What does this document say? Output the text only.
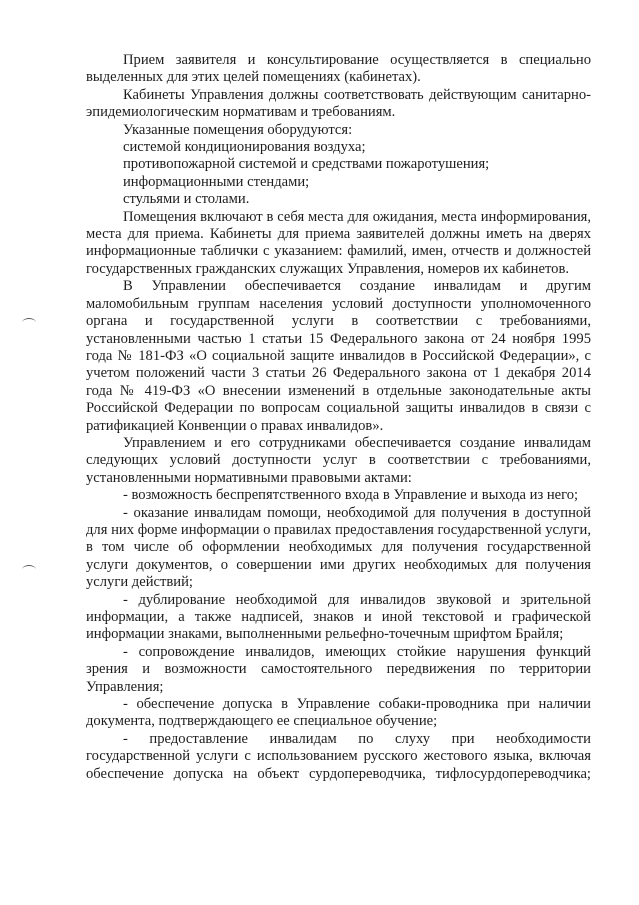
Прием заявителя и консультирование осуществляется в специально выделенных для этих целей помещениях (кабинетах).

Кабинеты Управления должны соответствовать действующим санитарно-эпидемиологическим нормативам и требованиям.

Указанные помещения оборудуются:

системой кондиционирования воздуха;

противопожарной системой и средствами пожаротушения;

информационными стендами;

стульями и столами.

Помещения включают в себя места для ожидания, места информирования, места для приема. Кабинеты для приема заявителей должны иметь на дверях информационные таблички с указанием: фамилий, имен, отчеств и должностей государственных гражданских служащих Управления, номеров их кабинетов.

В Управлении обеспечивается создание инвалидам и другим маломобильным группам населения условий доступности уполномоченного органа и государственной услуги в соответствии с требованиями, установленными частью 1 статьи 15 Федерального закона от 24 ноября 1995 года № 181-ФЗ «О социальной защите инвалидов в Российской Федерации», с учетом положений части 3 статьи 26 Федерального закона от 1 декабря 2014 года № 419-ФЗ «О внесении изменений в отдельные законодательные акты Российской Федерации по вопросам социальной защиты инвалидов в связи с ратификацией Конвенции о правах инвалидов».

Управлением и его сотрудниками обеспечивается создание инвалидам следующих условий доступности услуг в соответствии с требованиями, установленными нормативными правовыми актами:

- возможность беспрепятственного входа в Управление и выхода из него;

- оказание инвалидам помощи, необходимой для получения в доступной для них форме информации о правилах предоставления государственной услуги, в том числе об оформлении необходимых для получения государственной услуги документов, о совершении ими других необходимых для получения услуги действий;

- дублирование необходимой для инвалидов звуковой и зрительной информации, а также надписей, знаков и иной текстовой и графической информации знаками, выполненными рельефно-точечным шрифтом Брайля;

- сопровождение инвалидов, имеющих стойкие нарушения функций зрения и возможности самостоятельного передвижения по территории Управления;

- обеспечение допуска в Управление собаки-проводника при наличии документа, подтверждающего ее специальное обучение;

- предоставление инвалидам по слуху при необходимости государственной услуги с использованием русского жестового языка, включая обеспечение допуска на объект сурдопереводчика, тифлосурдопереводчика;
